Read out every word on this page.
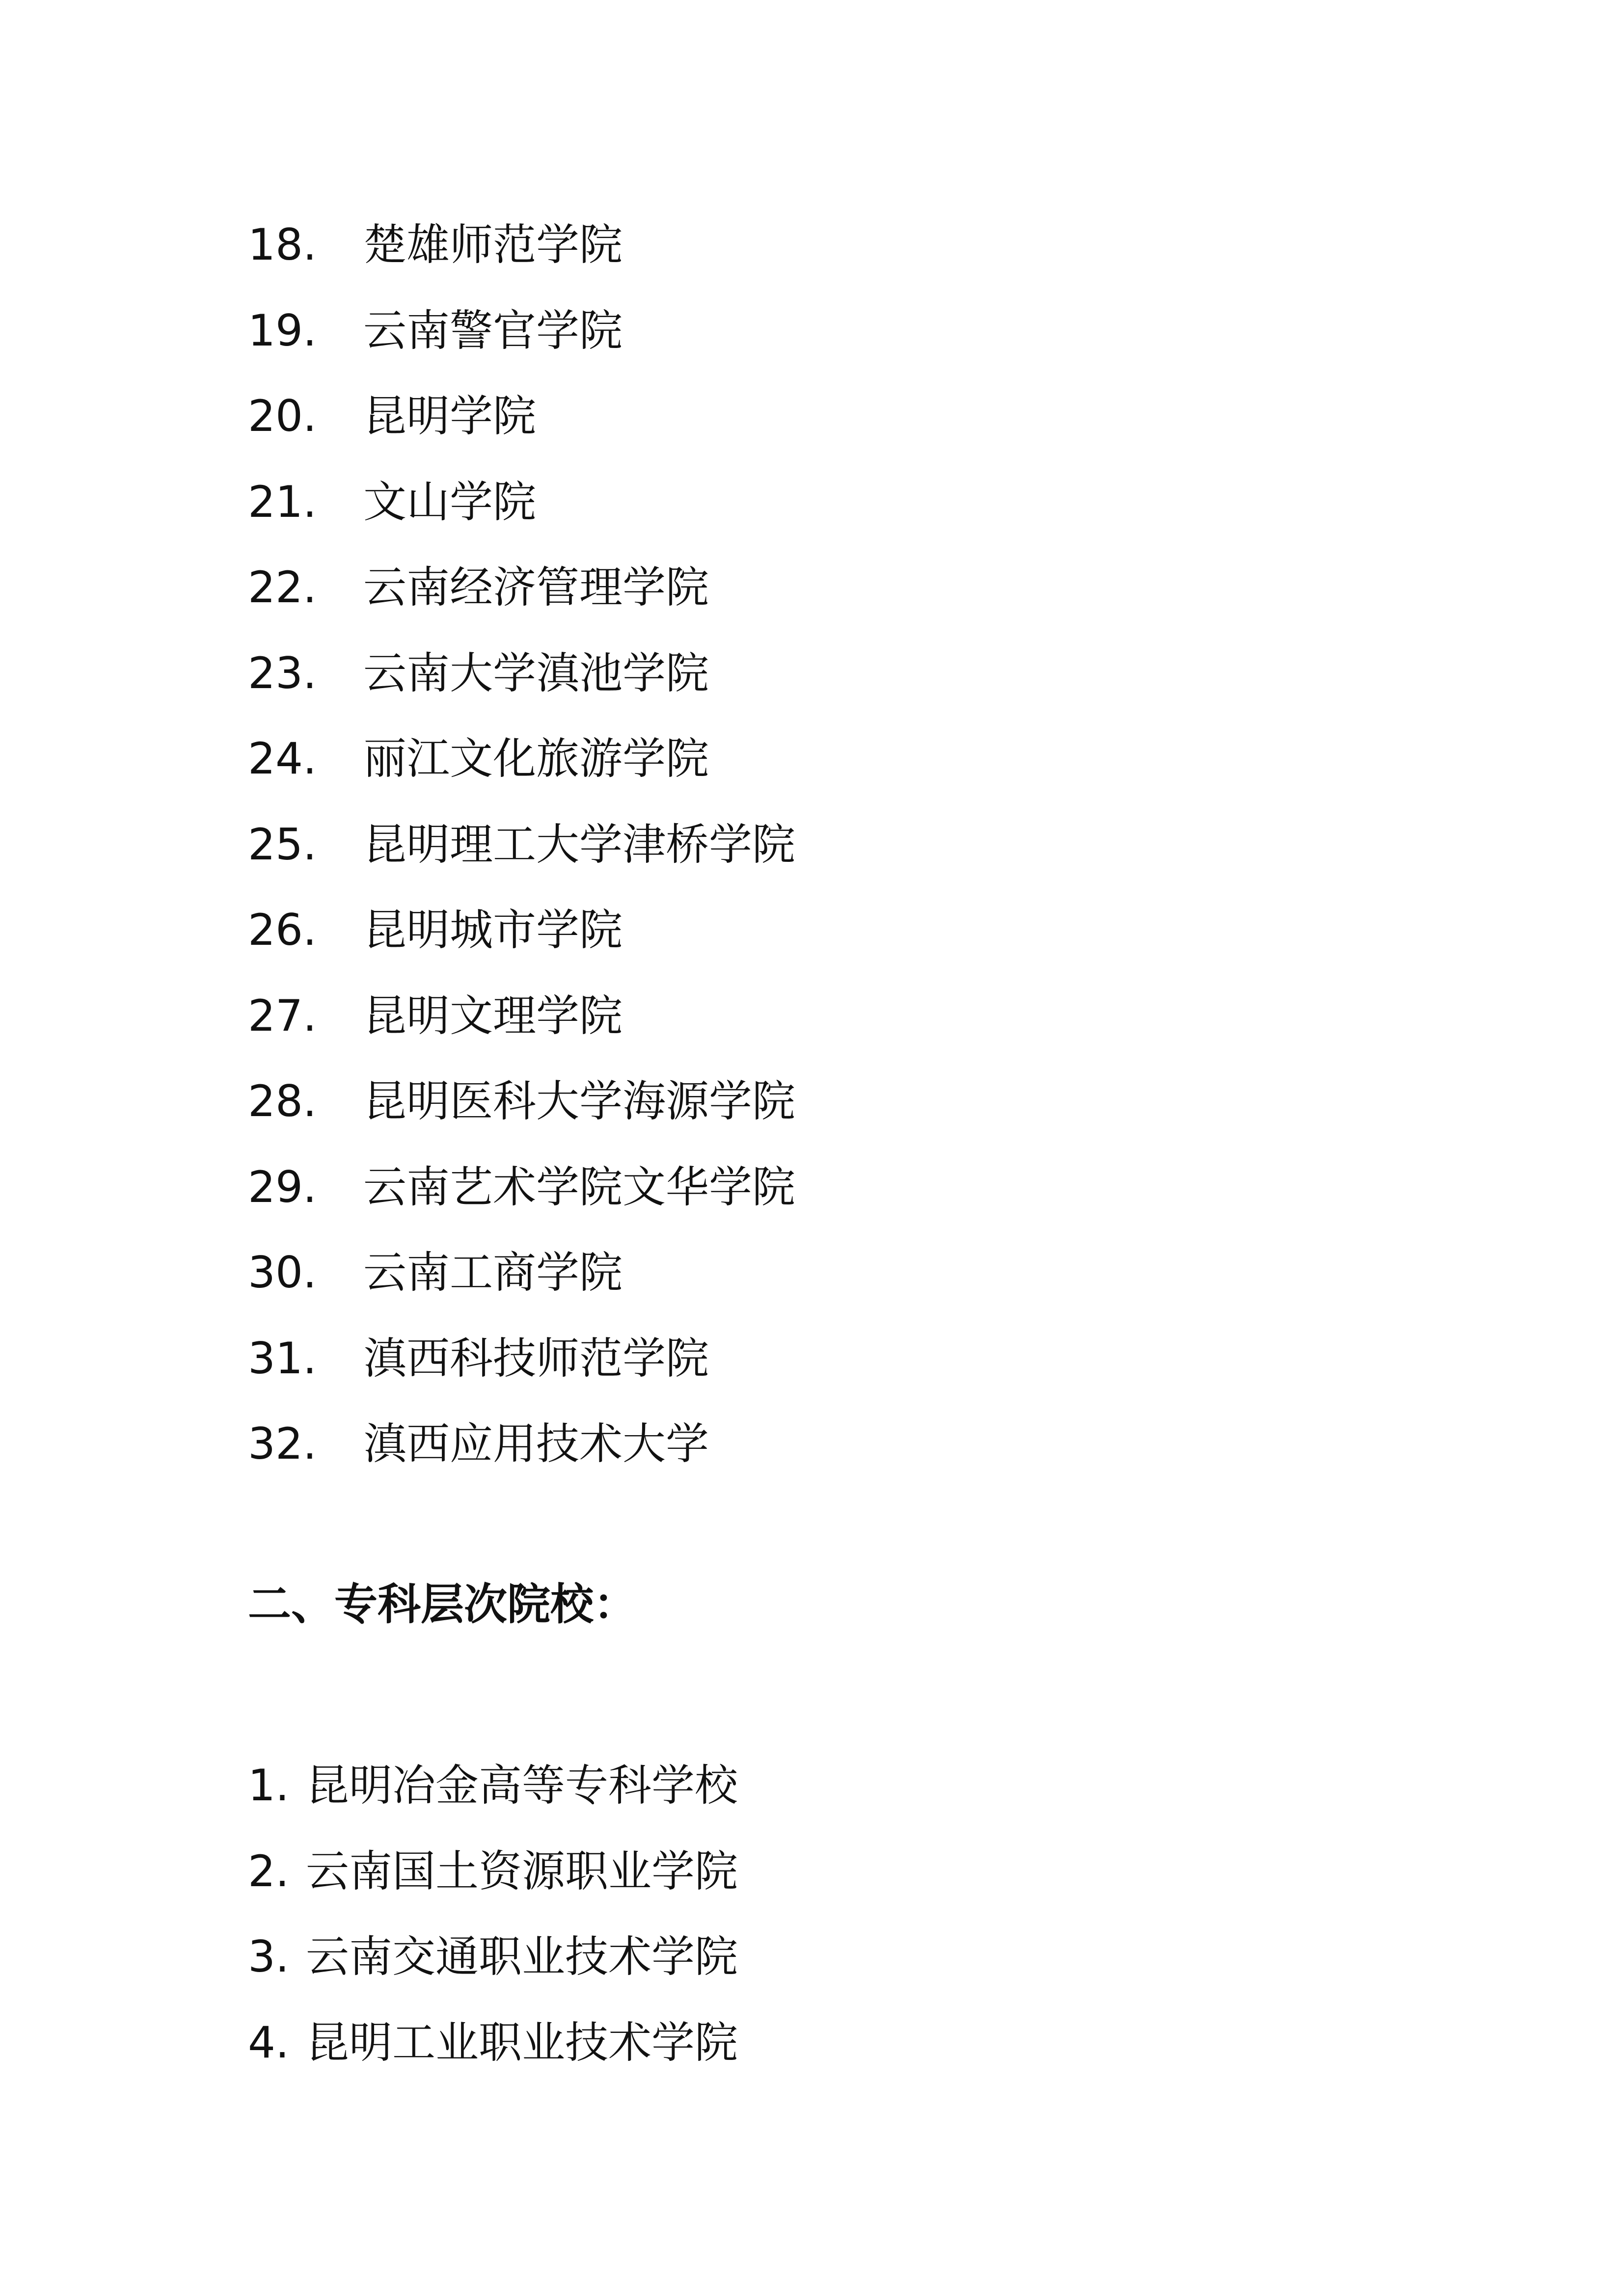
18.	楚雄师范学院
19.	云南警官学院
20.	昆明学院
21.	文山学院
22.	云南经济管理学院
23.	云南大学滇池学院
24.	丽江文化旅游学院
25.	昆明理工大学津桥学院
26.	昆明城市学院
27.	昆明文理学院
28.	昆明医科大学海源学院
29.	云南艺术学院文华学院
30.	云南工商学院
31.	滇西科技师范学院
32.	滇西应用技术大学
二、专科层次院校：
1. 昆明冶金高等专科学校
2. 云南国土资源职业学院
3. 云南交通职业技术学院
4. 昆明工业职业技术学院
